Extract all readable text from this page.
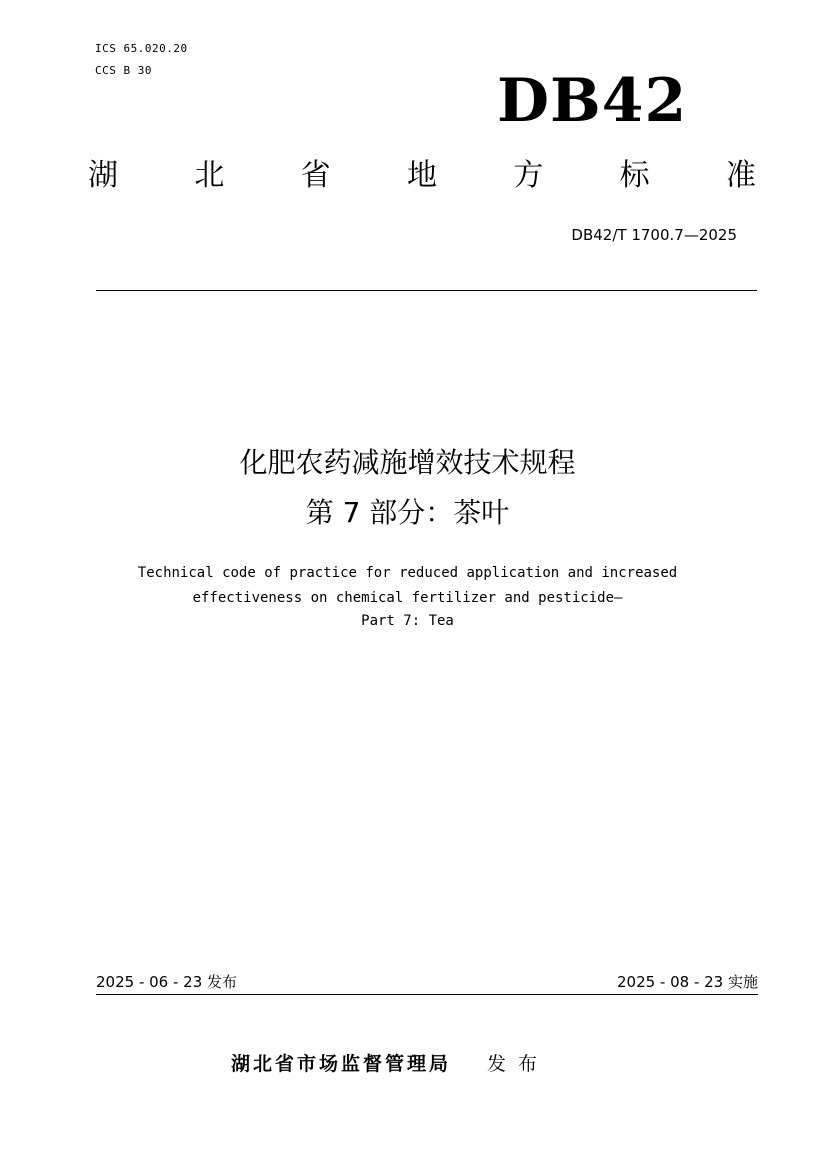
ICS 65.020.20
CCS B 30	DB42
湖	北	省	地	方	标	准
DB42/T 1700.7—2025
化肥农药减施增效技术规程
第 7 部分：茶叶
Technical code of practice for reduced application and increased
effectiveness on chemical fertilizer and pesticide—
Part 7: Tea
2025 - 06 - 23 发布	2025 - 08 - 23 实施
湖北省市场监督管理局 发布
